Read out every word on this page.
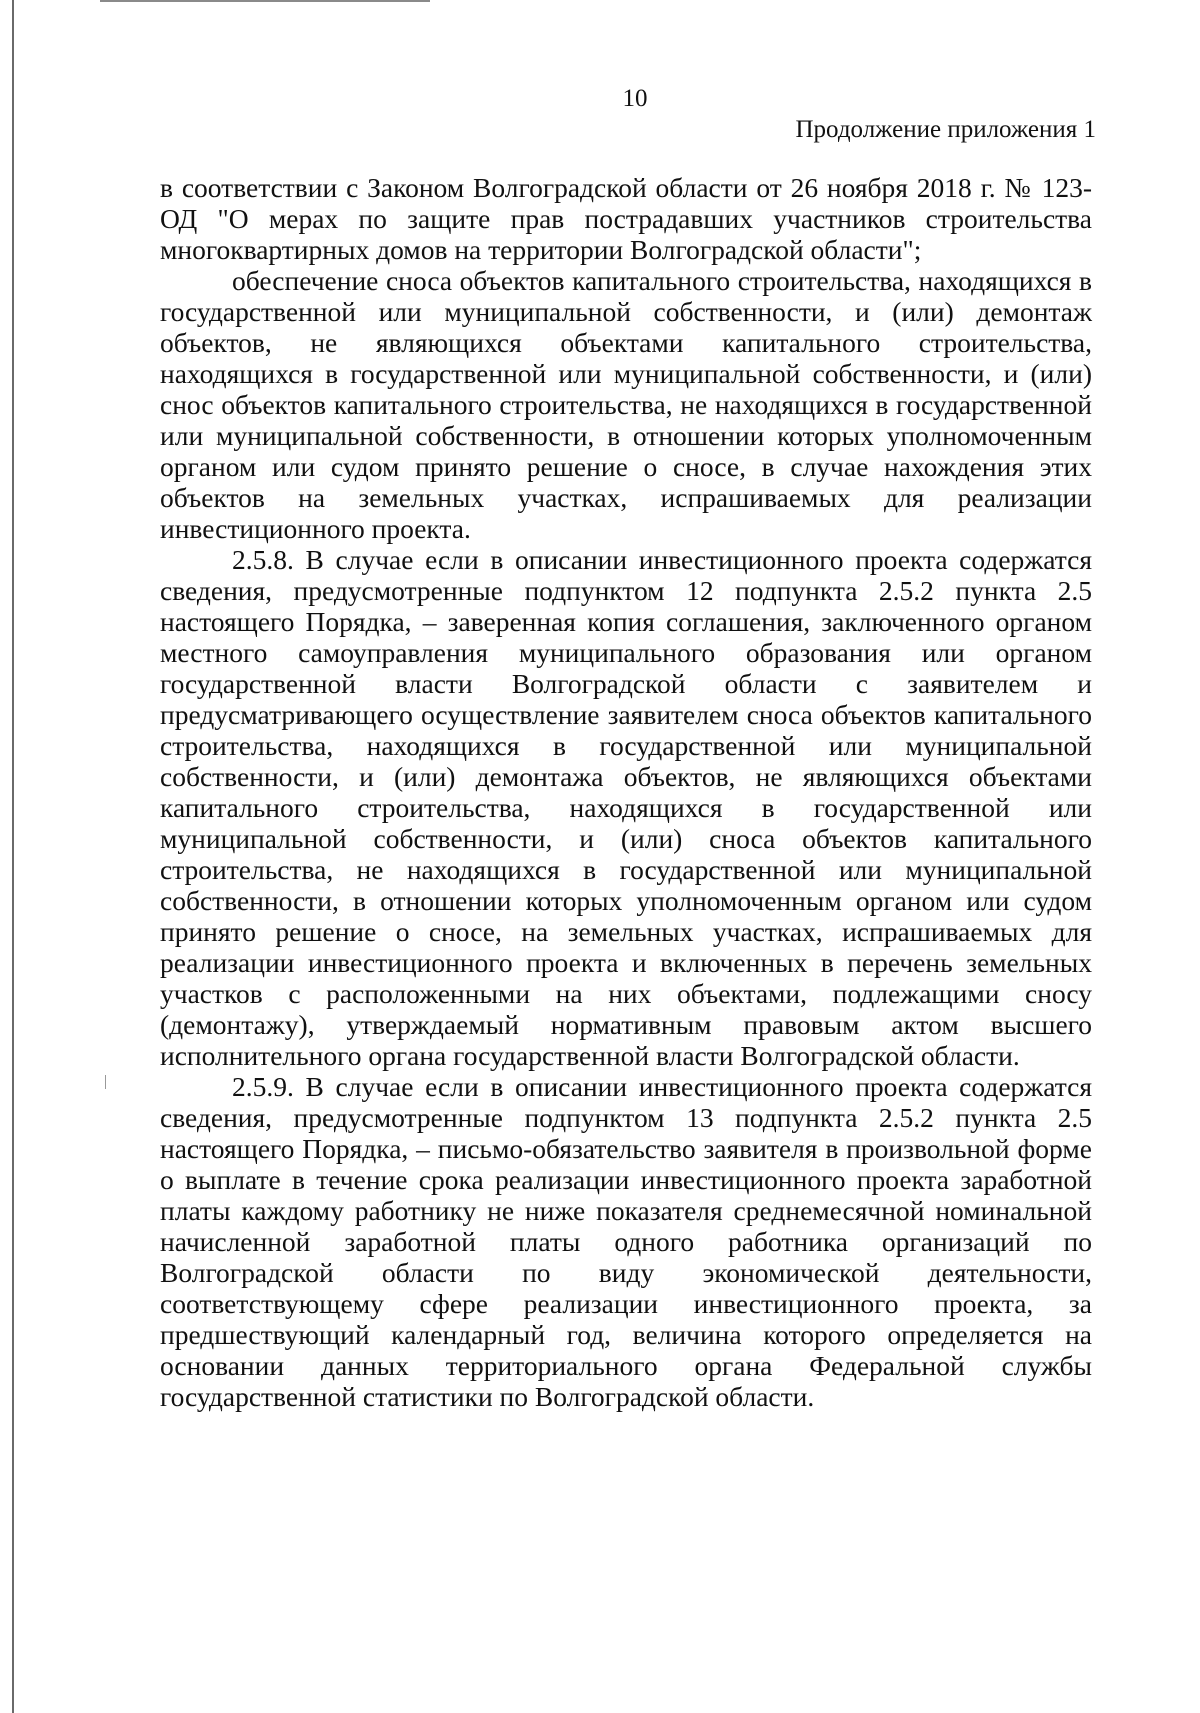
10
Продолжение приложения 1

в соответствии с Законом Волгоградской области от 26 ноября 2018 г. № 123-ОД "О мерах по защите прав пострадавших участников строительства многоквартирных домов на территории Волгоградской области";

обеспечение сноса объектов капитального строительства, находящихся в государственной или муниципальной собственности, и (или) демонтаж объектов, не являющихся объектами капитального строительства, находящихся в государственной или муниципальной собственности, и (или) снос объектов капитального строительства, не находящихся в государственной или муниципальной собственности, в отношении которых уполномоченным органом или судом принято решение о сносе, в случае нахождения этих объектов на земельных участках, испрашиваемых для реализации инвестиционного проекта.

2.5.8. В случае если в описании инвестиционного проекта содержатся сведения, предусмотренные подпунктом 12 подпункта 2.5.2 пункта 2.5 настоящего Порядка, – заверенная копия соглашения, заключенного органом местного самоуправления муниципального образования или органом государственной власти Волгоградской области с заявителем и предусматривающего осуществление заявителем сноса объектов капитального строительства, находящихся в государственной или муниципальной собственности, и (или) демонтажа объектов, не являющихся объектами капитального строительства, находящихся в государственной или муниципальной собственности, и (или) сноса объектов капитального строительства, не находящихся в государственной или муниципальной собственности, в отношении которых уполномоченным органом или судом принято решение о сносе, на земельных участках, испрашиваемых для реализации инвестиционного проекта и включенных в перечень земельных участков с расположенными на них объектами, подлежащими сносу (демонтажу), утверждаемый нормативным правовым актом высшего исполнительного органа государственной власти Волгоградской области.

2.5.9. В случае если в описании инвестиционного проекта содержатся сведения, предусмотренные подпунктом 13 подпункта 2.5.2 пункта 2.5 настоящего Порядка, – письмо-обязательство заявителя в произвольной форме о выплате в течение срока реализации инвестиционного проекта заработной платы каждому работнику не ниже показателя среднемесячной номинальной начисленной заработной платы одного работника организаций по Волгоградской области по виду экономической деятельности, соответствующему сфере реализации инвестиционного проекта, за предшествующий календарный год, величина которого определяется на основании данных территориального органа Федеральной службы государственной статистики по Волгоградской области.
